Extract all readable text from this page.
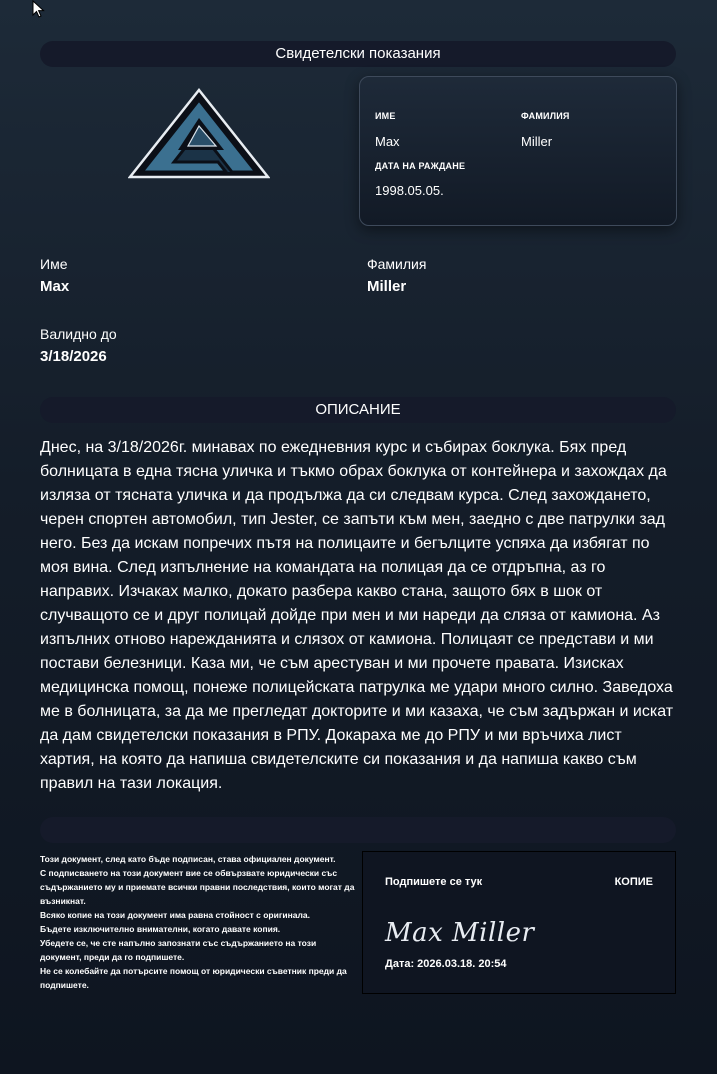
Свидетелски показания
ИМЕ	ФАМИЛИЯ
Max	Miller
ДАТА НА РАЖДАНЕ
1998.05.05.
Име
Max
Фамилия
Miller
Валидно до
3/18/2026
ОПИСАНИЕ
Днес, на 3/18/2026г. минавах по ежедневния курс и събирах боклука. Бях пред болницата в една тясна уличка и тъкмо обрах боклука от контейнера и захождах да изляза от тясната уличка и да продължа да си следвам курса. След захождането, черен спортен автомобил, тип Jester, се запъти към мен, заедно с две патрулки зад него. Без да искам попречих пътя на полицаите и бегълците успяха да избягат по моя вина. След изпълнение на командата на полицая да се отдръпна, аз го направих. Изчаках малко, докато разбера какво стана, защото бях в шок от случващото се и друг полицай дойде при мен и ми нареди да сляза от камиона. Аз изпълних отново нарежданията и слязох от камиона. Полицаят се представи и ми постави белезници. Каза ми, че съм арестуван и ми прочете правата. Изисках медицинска помощ, понеже полицейската патрулка ме удари много силно. Заведоха ме в болницата, за да ме прегледат докторите и ми казаха, че съм задържан и искат да дам свидетелски показания в РПУ. Докараха ме до РПУ и ми връчиха лист хартия, на която да напиша свидетелските си показания и да напиша какво съм правил на тази локация.
Този документ, след като бъде подписан, става официален документ.
С подписването на този документ вие се обвързвате юридически със съдържанието му и приемате всички правни последствия, които могат да възникнат.
Всяко копие на този документ има равна стойност с оригинала.
Бъдете изключително внимателни, когато давате копия.
Убедете се, че сте напълно запознати със съдържанието на този документ, преди да го подпишете.
Не се колебайте да потърсите помощ от юридически съветник преди да подпишете.
Подпишете се тук	КОПИЕ
Max Miller
Дата: 2026.03.18. 20:54
